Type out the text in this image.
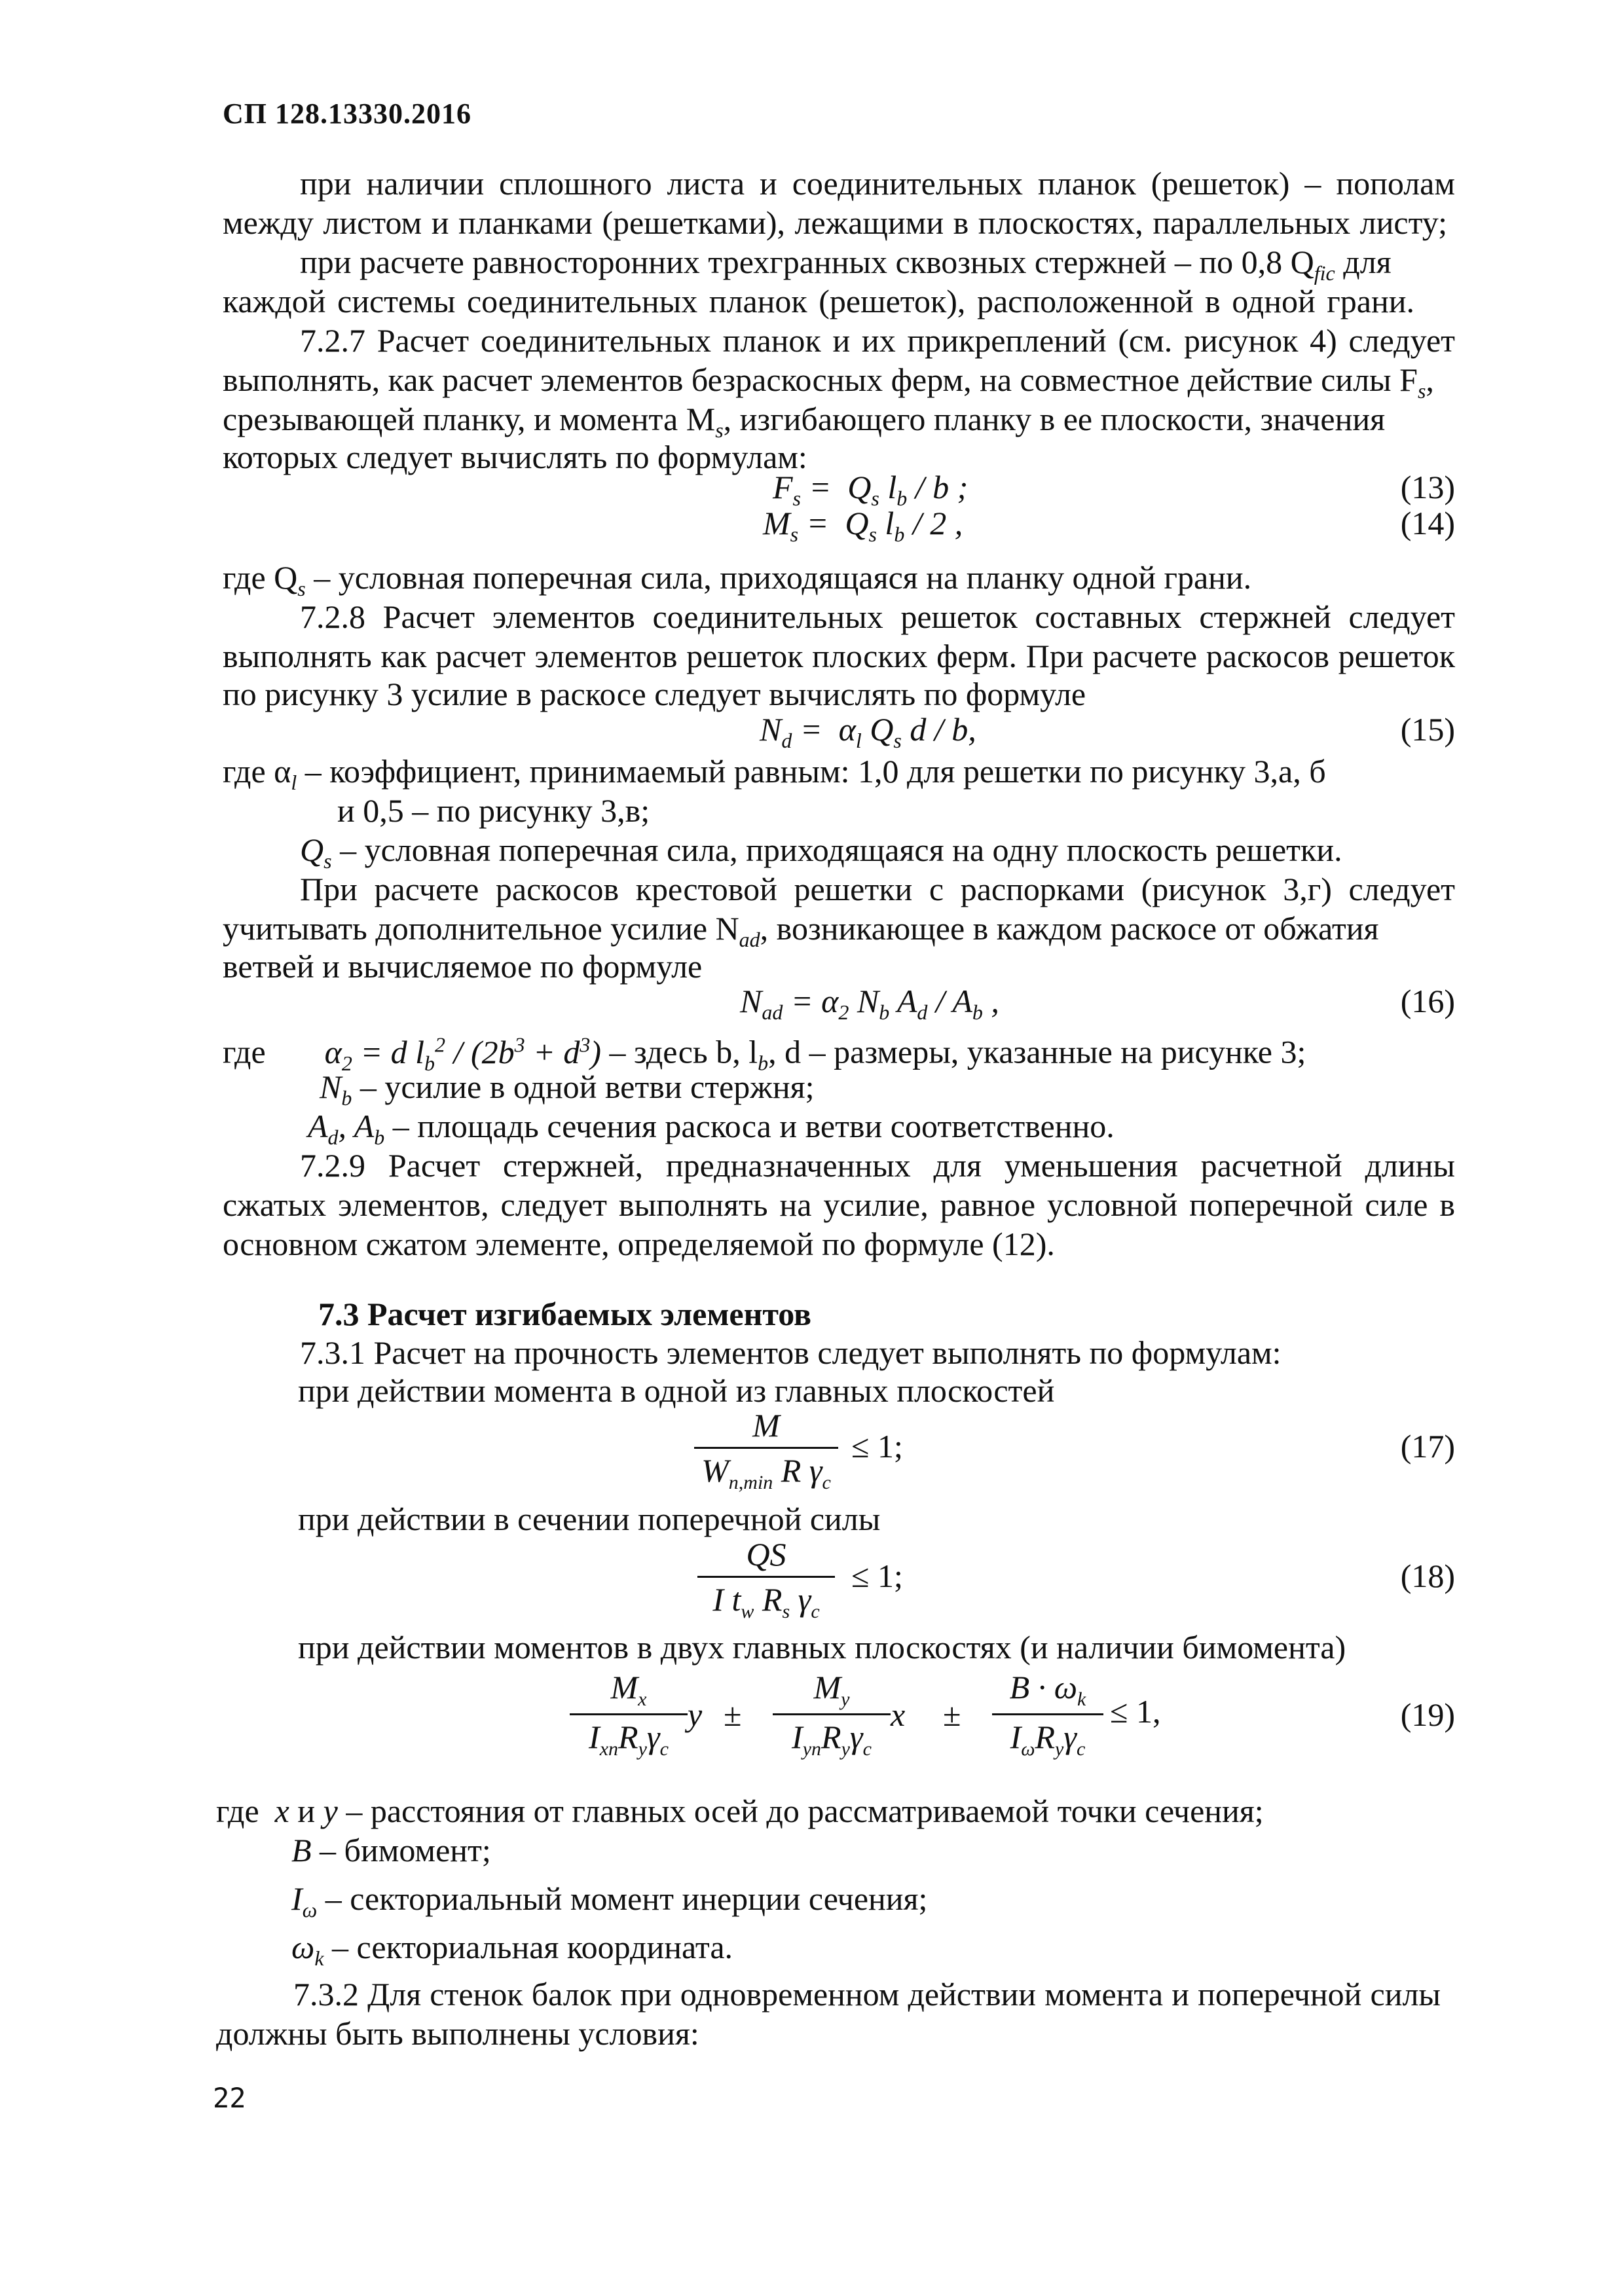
СП 128.13330.2016
при наличии сплошного листа и соединительных планок (решеток) – пополам
между листом и планками (решетками), лежащими в плоскостях, параллельных листу;
при расчете равносторонних трехгранных сквозных стержней – по 0,8 $Q_{fic}$ для
каждой системы соединительных планок (решеток), расположенной в одной грани.
7.2.7 Расчет соединительных планок и их прикреплений (см. рисунок 4) следует
выполнять, как расчет элементов безраскосных ферм, на совместное действие силы $F_s$,
срезывающей планку, и момента $M_s$, изгибающего планку в ее плоскости, значения
которых следует вычислять по формулам:
$F_s = Q_s$ $l_b$ / b ;	(13)
$M_s = Q_s$ $l_b / 2$ ,	(14)
где $Q_s$ – условная поперечная сила, приходящаяся на планку одной грани.
7.2.8 Расчет элементов соединительных решеток составных стержней следует
выполнять как расчет элементов решеток плоских ферм. При расчете раскосов решеток
по рисунку 3 усилие в раскосе следует вычислять по формуле
$N_d = \alpha_l$ $Q_s$ d / b,	(15)
где $\alpha_l$ – коэффициент, принимаемый равным: 1,0 для решетки по рисунку 3,а, б
и 0,5 – по рисунку 3,в;
$Q_s$ – условная поперечная сила, приходящаяся на одну плоскость решетки.
При расчете раскосов крестовой решетки с распорками (рисунок 3,г) следует
учитывать дополнительное усилие $N_{ad}$, возникающее в каждом раскосе от обжатия
ветвей и вычисляемое по формуле
$N_{ad} = \alpha_2$ $N_b$ $A_d / A_b$ ,	(16)
где $\alpha_2 = d$ $l_b^2 / (2b^3 + d^3)$ – здесь b, $l_b$, d – размеры, указанные на рисунке 3;
$N_b$ – усилие в одной ветви стержня;
$A_d$, $A_b$ – площадь сечения раскоса и ветви соответственно.
7.2.9 Расчет стержней, предназначенных для уменьшения расчетной длины
сжатых элементов, следует выполнять на усилие, равное условной поперечной силе в
основном сжатом элементе, определяемой по формуле (12).
7.3 Расчет изгибаемых элементов
7.3.1 Расчет на прочность элементов следует выполнять по формулам:
при действии момента в одной из главных плоскостей
M
$W_{n,min}$ R $\gamma_c$
≤ 1;	(17)
при действии в сечении поперечной силы
$\frac{QS}{I t_w R_s \gamma_c} \le 1$;	(18)
при действии моментов в двух главных плоскостях (и наличии бимомента)
$M_x$
$I_{xn}R_y\gamma_c$
y ±
$M_y$
$I_{yn}R_y\gamma_c$
x ±
$B \cdot \omega_k$
$I_\omega R_y\gamma_c$
≤ 1,	(19)
где x и y – расстояния от главных осей до рассматриваемой точки сечения;
B – бимомент;
$I_\omega$ – секториальный момент инерции сечения;
$\omega_k$ – секториальная координата.
7.3.2 Для стенок балок при одновременном действии момента и поперечной силы
должны быть выполнены условия:
22
